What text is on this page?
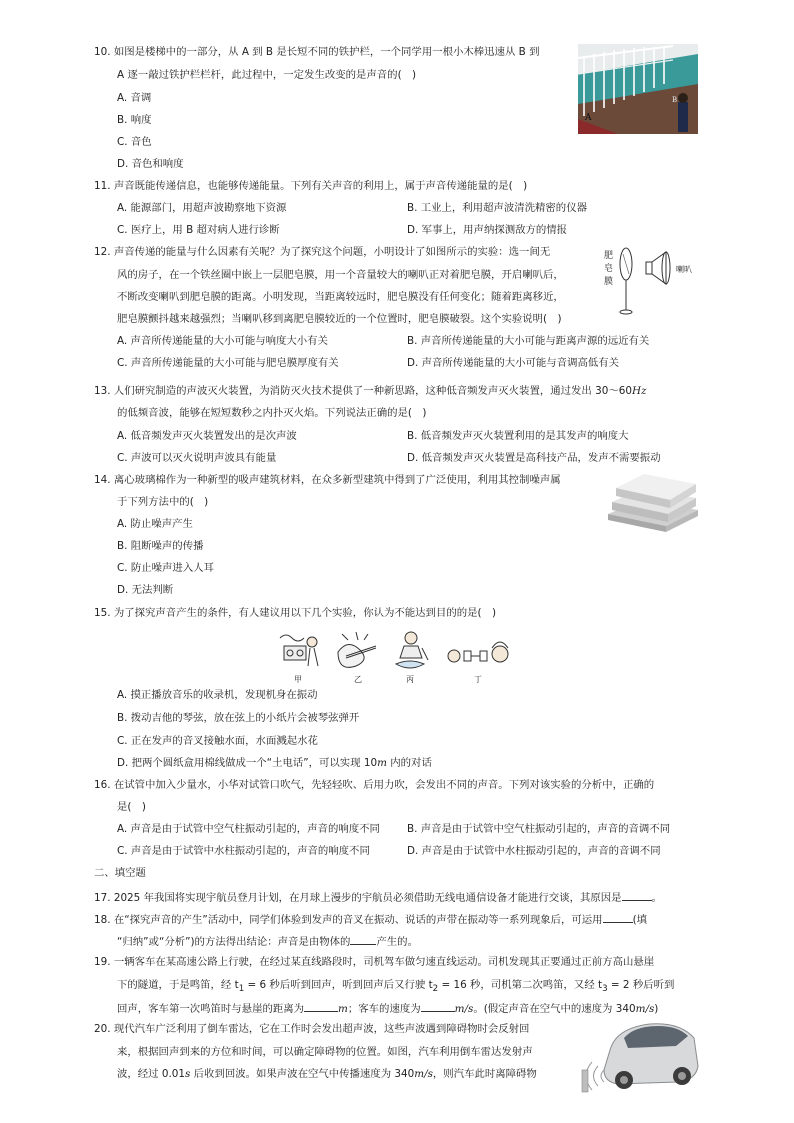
10. 如图是楼梯中的一部分，从 A 到 B 是长短不同的铁护栏，一个同学用一根小木棒迅速从 B 到
A 逐一敲过铁护栏栏杆，此过程中，一定发生改变的是声音的(　)
A. 音调
B. 响度
C. 音色
D. 音色和响度
A
B
11. 声音既能传递信息，也能够传递能量。下列有关声音的利用上，属于声音传递能量的是(　)
A. 能源部门，用超声波勘察地下资源	B. 工业上，利用超声波清洗精密的仪器
C. 医疗上，用 B 超对病人进行诊断	D. 军事上，用声纳探测敌方的情报
12. 声音传递的能量与什么因素有关呢？为了探究这个问题，小明设计了如图所示的实验：选一间无
风的房子，在一个铁丝圈中嵌上一层肥皂膜，用一个音量较大的喇叭正对着肥皂膜，开启喇叭后，
不断改变喇叭到肥皂膜的距离。小明发现，当距离较远时，肥皂膜没有任何变化；随着距离移近，
肥皂膜颤抖越来越强烈；当喇叭移到离肥皂膜较近的一个位置时，肥皂膜破裂。这个实验说明(　)
A. 声音所传递能量的大小可能与响度大小有关	B. 声音所传递能量的大小可能与距离声源的远近有关
C. 声音所传递能量的大小可能与肥皂膜厚度有关	D. 声音所传递能量的大小可能与音调高低有关
肥
皂
膜
喇叭
13. 人们研究制造的声波灭火装置，为消防灭火技术提供了一种新思路，这种低音频发声灭火装置，通过发出 30～60Hz
的低频音波，能够在短短数秒之内扑灭火焰。下列说法正确的是(　)
A. 低音频发声灭火装置发出的是次声波	B. 低音频发声灭火装置利用的是其发声的响度大
C. 声波可以灭火说明声波具有能量	D. 低音频发声灭火装置是高科技产品，发声不需要振动
14. 离心玻璃棉作为一种新型的吸声建筑材料，在众多新型建筑中得到了广泛使用，利用其控制噪声属
于下列方法中的(　)
A. 防止噪声产生
B. 阻断噪声的传播
C. 防止噪声进入人耳
D. 无法判断
15. 为了探究声音产生的条件，有人建议用以下几个实验，你认为不能达到目的的是(　)
甲	乙	丙	丁
A. 摸正播放音乐的收录机，发现机身在振动
B. 拨动吉他的琴弦，放在弦上的小纸片会被琴弦弹开
C. 正在发声的音叉接触水面，水面溅起水花
D. 把两个圆纸盒用棉线做成一个“土电话”，可以实现 10m 内的对话
16. 在试管中加入少量水，小华对试管口吹气，先轻轻吹、后用力吹，会发出不同的声音。下列对该实验的分析中，正确的
是(　)
A. 声音是由于试管中空气柱振动引起的，声音的响度不同	B. 声音是由于试管中空气柱振动引起的，声音的音调不同
C. 声音是由于试管中水柱振动引起的，声音的响度不同	D. 声音是由于试管中水柱振动引起的，声音的音调不同
二、填空题
17. 2025 年我国将实现宇航员登月计划，在月球上漫步的宇航员必须借助无线电通信设备才能进行交谈，其原因是	。
18. 在“探究声音的产生”活动中，同学们体验到发声的音叉在振动、说话的声带在振动等一系列现象后，可运用	(填
“归纳”或“分析”)的方法得出结论：声音是由物体的	产生的。
19. 一辆客车在某高速公路上行驶，在经过某直线路段时，司机驾车做匀速直线运动。司机发现其正要通过正前方高山悬崖
下的隧道，于是鸣笛，经 $t_1 = 6$ 秒后听到回声，听到回声后又行驶 $t_2 = 16$ 秒，司机第二次鸣笛，又经 $t_3 = 2$ 秒后听到
回声，客车第一次鸣笛时与悬崖的距离为	m；客车的速度为	m/s。(假定声音在空气中的速度为 340m/s)
20. 现代汽车广泛利用了倒车雷达，它在工作时会发出超声波，这些声波遇到障碍物时会反射回
来，根据回声到来的方位和时间，可以确定障碍物的位置。如图，汽车利用倒车雷达发射声
波，经过 0.01s 后收到回波。如果声波在空气中传播速度为 340m/s，则汽车此时离障碍物
